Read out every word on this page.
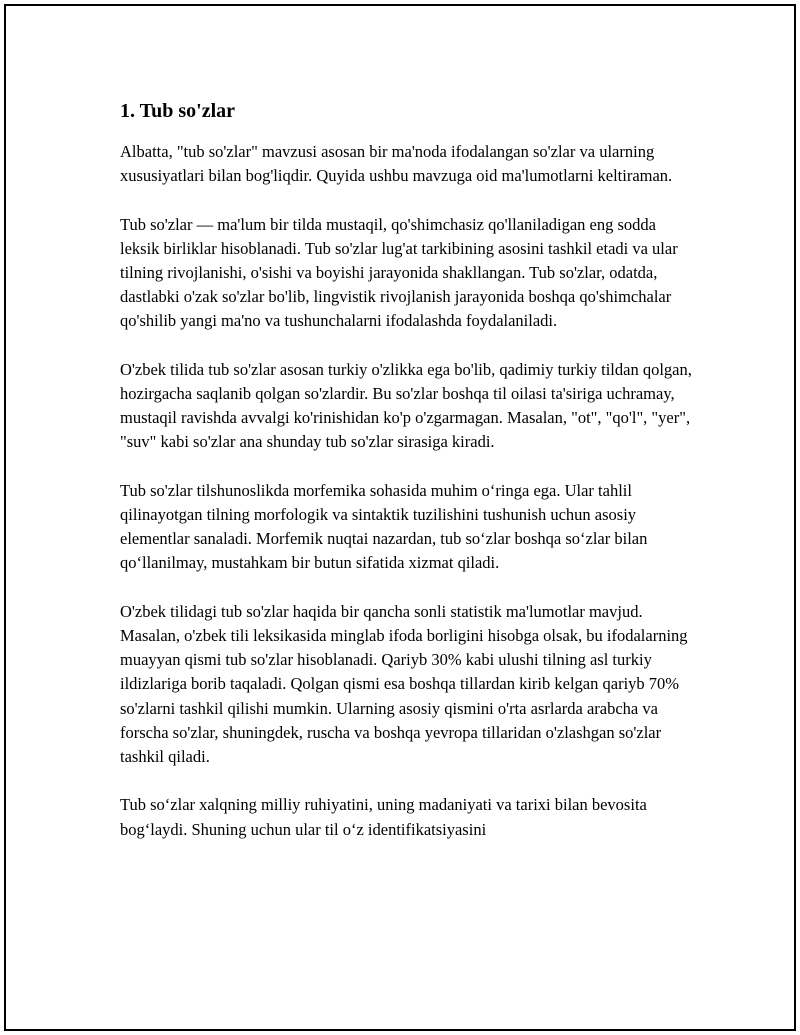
1. Tub so'zlar

Albatta, "tub so'zlar" mavzusi asosan bir ma'noda ifodalangan so'zlar va ularning xususiyatlari bilan bog'liqdir. Quyida ushbu mavzuga oid ma'lumotlarni keltiraman.

Tub so'zlar — ma'lum bir tilda mustaqil, qo'shimchasiz qo'llaniladigan eng sodda leksik birliklar hisoblanadi. Tub so'zlar lug'at tarkibining asosini tashkil etadi va ular tilning rivojlanishi, o'sishi va boyishi jarayonida shakllangan. Tub so'zlar, odatda, dastlabki o'zak so'zlar bo'lib, lingvistik rivojlanish jarayonida boshqa qo'shimchalar qo'shilib yangi ma'no va tushunchalarni ifodalashda foydalaniladi.

O'zbek tilida tub so'zlar asosan turkiy o'zlikka ega bo'lib, qadimiy turkiy tildan qolgan, hozirgacha saqlanib qolgan so'zlardir. Bu so'zlar boshqa til oilasi ta'siriga uchramay, mustaqil ravishda avvalgi ko'rinishidan ko'p o'zgarmagan. Masalan, "ot", "qo'l", "yer", "suv" kabi so'zlar ana shunday tub so'zlar sirasiga kiradi.

Tub so'zlar tilshunoslikda morfemika sohasida muhim o‘ringa ega. Ular tahlil qilinayotgan tilning morfologik va sintaktik tuzilishini tushunish uchun asosiy elementlar sanaladi. Morfemik nuqtai nazardan, tub so‘zlar boshqa so‘zlar bilan qo‘llanilmay, mustahkam bir butun sifatida xizmat qiladi.

O'zbek tilidagi tub so'zlar haqida bir qancha sonli statistik ma'lumotlar mavjud. Masalan, o'zbek tili leksikasida minglab ifoda borligini hisobga olsak, bu ifodalarning muayyan qismi tub so'zlar hisoblanadi. Qariyb 30% kabi ulushi tilning asl turkiy ildizlariga borib taqaladi. Qolgan qismi esa boshqa tillardan kirib kelgan qariyb 70% so'zlarni tashkil qilishi mumkin. Ularning asosiy qismini o'rta asrlarda arabcha va forscha so'zlar, shuningdek, ruscha va boshqa yevropa tillaridan o'zlashgan so'zlar tashkil qiladi.

Tub so‘zlar xalqning milliy ruhiyatini, uning madaniyati va tarixi bilan bevosita bog‘laydi. Shuning uchun ular til o‘z identifikatsiyasini
